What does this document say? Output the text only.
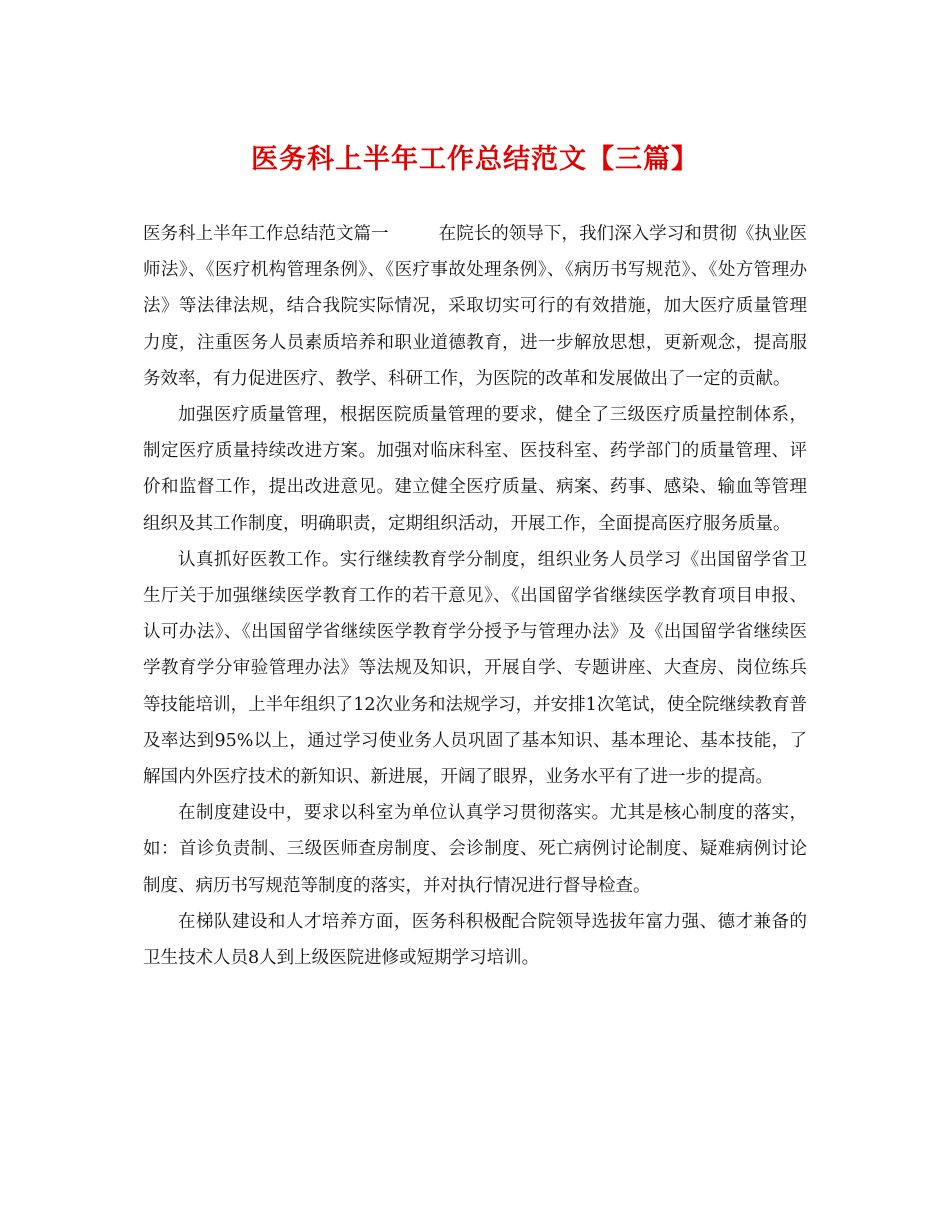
医务科上半年工作总结范文【三篇】

医务科上半年工作总结范文篇一	在院长的领导下，我们深入学习和贯彻《执业医师法》、《医疗机构管理条例》、《医疗事故处理条例》、《病历书写规范》、《处方管理办法》等法律法规，结合我院实际情况，采取切实可行的有效措施，加大医疗质量管理力度，注重医务人员素质培养和职业道德教育，进一步解放思想，更新观念，提高服务效率，有力促进医疗、教学、科研工作，为医院的改革和发展做出了一定的贡献。

加强医疗质量管理，根据医院质量管理的要求，健全了三级医疗质量控制体系，制定医疗质量持续改进方案。加强对临床科室、医技科室、药学部门的质量管理、评价和监督工作，提出改进意见。建立健全医疗质量、病案、药事、感染、输血等管理组织及其工作制度，明确职责，定期组织活动，开展工作，全面提高医疗服务质量。

认真抓好医教工作。实行继续教育学分制度，组织业务人员学习《出国留学省卫生厅关于加强继续医学教育工作的若干意见》、《出国留学省继续医学教育项目申报、认可办法》、《出国留学省继续医学教育学分授予与管理办法》及《出国留学省继续医学教育学分审验管理办法》等法规及知识，开展自学、专题讲座、大查房、岗位练兵等技能培训，上半年组织了12次业务和法规学习，并安排1次笔试，使全院继续教育普及率达到95%以上，通过学习使业务人员巩固了基本知识、基本理论、基本技能，了解国内外医疗技术的新知识、新进展，开阔了眼界，业务水平有了进一步的提高。

在制度建设中，要求以科室为单位认真学习贯彻落实。尤其是核心制度的落实，如：首诊负责制、三级医师查房制度、会诊制度、死亡病例讨论制度、疑难病例讨论制度、病历书写规范等制度的落实，并对执行情况进行督导检查。

在梯队建设和人才培养方面，医务科积极配合院领导选拔年富力强、德才兼备的卫生技术人员8人到上级医院进修或短期学习培训。
